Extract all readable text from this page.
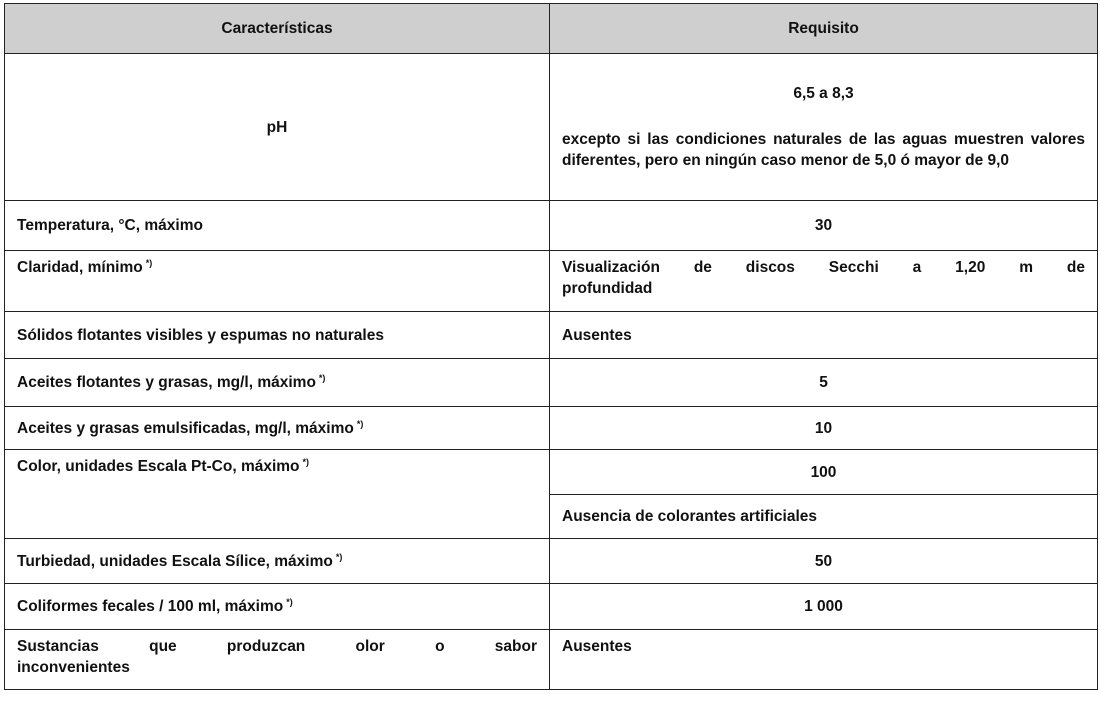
Características	Requisito
pH	6,5 a 8,3

excepto si las condiciones naturales de las aguas muestren valores diferentes, pero en ningún caso menor de 5,0 ó mayor de 9,0

Temperatura, °C, máximo	30
Claridad, mínimo *)	Visualización de discos Secchi a 1,20 m de
profundidad

Sólidos flotantes visibles y espumas no naturales	Ausentes
Aceites flotantes y grasas, mg/l, máximo *)	5
Aceites y grasas emulsificadas, mg/l, máximo *)	10
Color, unidades Escala Pt-Co, máximo *)	100
	Ausencia de colorantes artificiales
Turbiedad, unidades Escala Sílice, máximo *)	50
Coliformes fecales / 100 ml, máximo *)	1 000

Sustancias que produzcan olor o sabor
inconvenientes	Ausentes
